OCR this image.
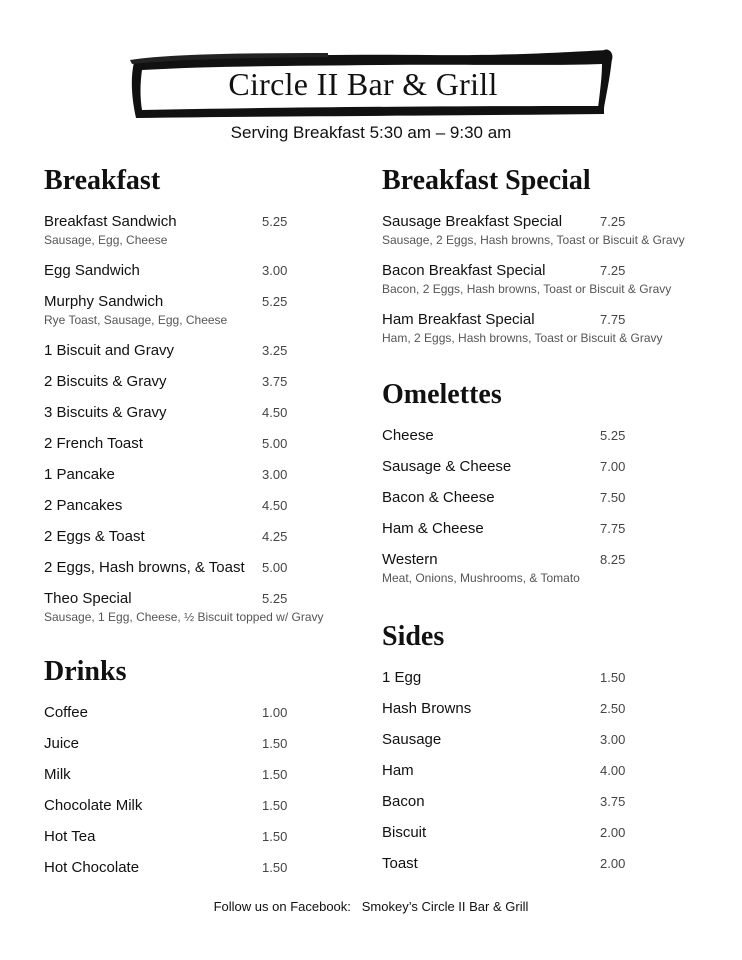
Circle II Bar & Grill
Serving Breakfast 5:30 am – 9:30 am
Breakfast
Breakfast Sandwich	5.25
Sausage, Egg, Cheese
Egg Sandwich	3.00
Murphy Sandwich	5.25
Rye Toast, Sausage, Egg, Cheese
1 Biscuit and Gravy	3.25
2 Biscuits & Gravy	3.75
3 Biscuits & Gravy	4.50
2 French Toast	5.00
1 Pancake	3.00
2 Pancakes	4.50
2 Eggs & Toast	4.25
2 Eggs, Hash browns, & Toast 5.00
Theo Special	5.25
Sausage, 1 Egg, Cheese, ½ Biscuit topped w/ Gravy
Drinks
Coffee	1.00
Juice	1.50
Milk	1.50
Chocolate Milk	1.50
Hot Tea	1.50
Hot Chocolate	1.50
Breakfast Special
Sausage Breakfast Special	7.25
Sausage, 2 Eggs, Hash browns, Toast or Biscuit & Gravy
Bacon Breakfast Special	7.25
Bacon, 2 Eggs, Hash browns, Toast or Biscuit & Gravy
Ham Breakfast Special	7.75
Ham, 2 Eggs, Hash browns, Toast or Biscuit & Gravy
Omelettes
Cheese	5.25
Sausage & Cheese	7.00
Bacon & Cheese	7.50
Ham & Cheese	7.75
Western	8.25
Meat, Onions, Mushrooms, & Tomato
Sides
1 Egg	1.50
Hash Browns	2.50
Sausage	3.00
Ham	4.00
Bacon	3.75
Biscuit	2.00
Toast	2.00
Follow us on Facebook:   Smokey’s Circle II Bar & Grill
